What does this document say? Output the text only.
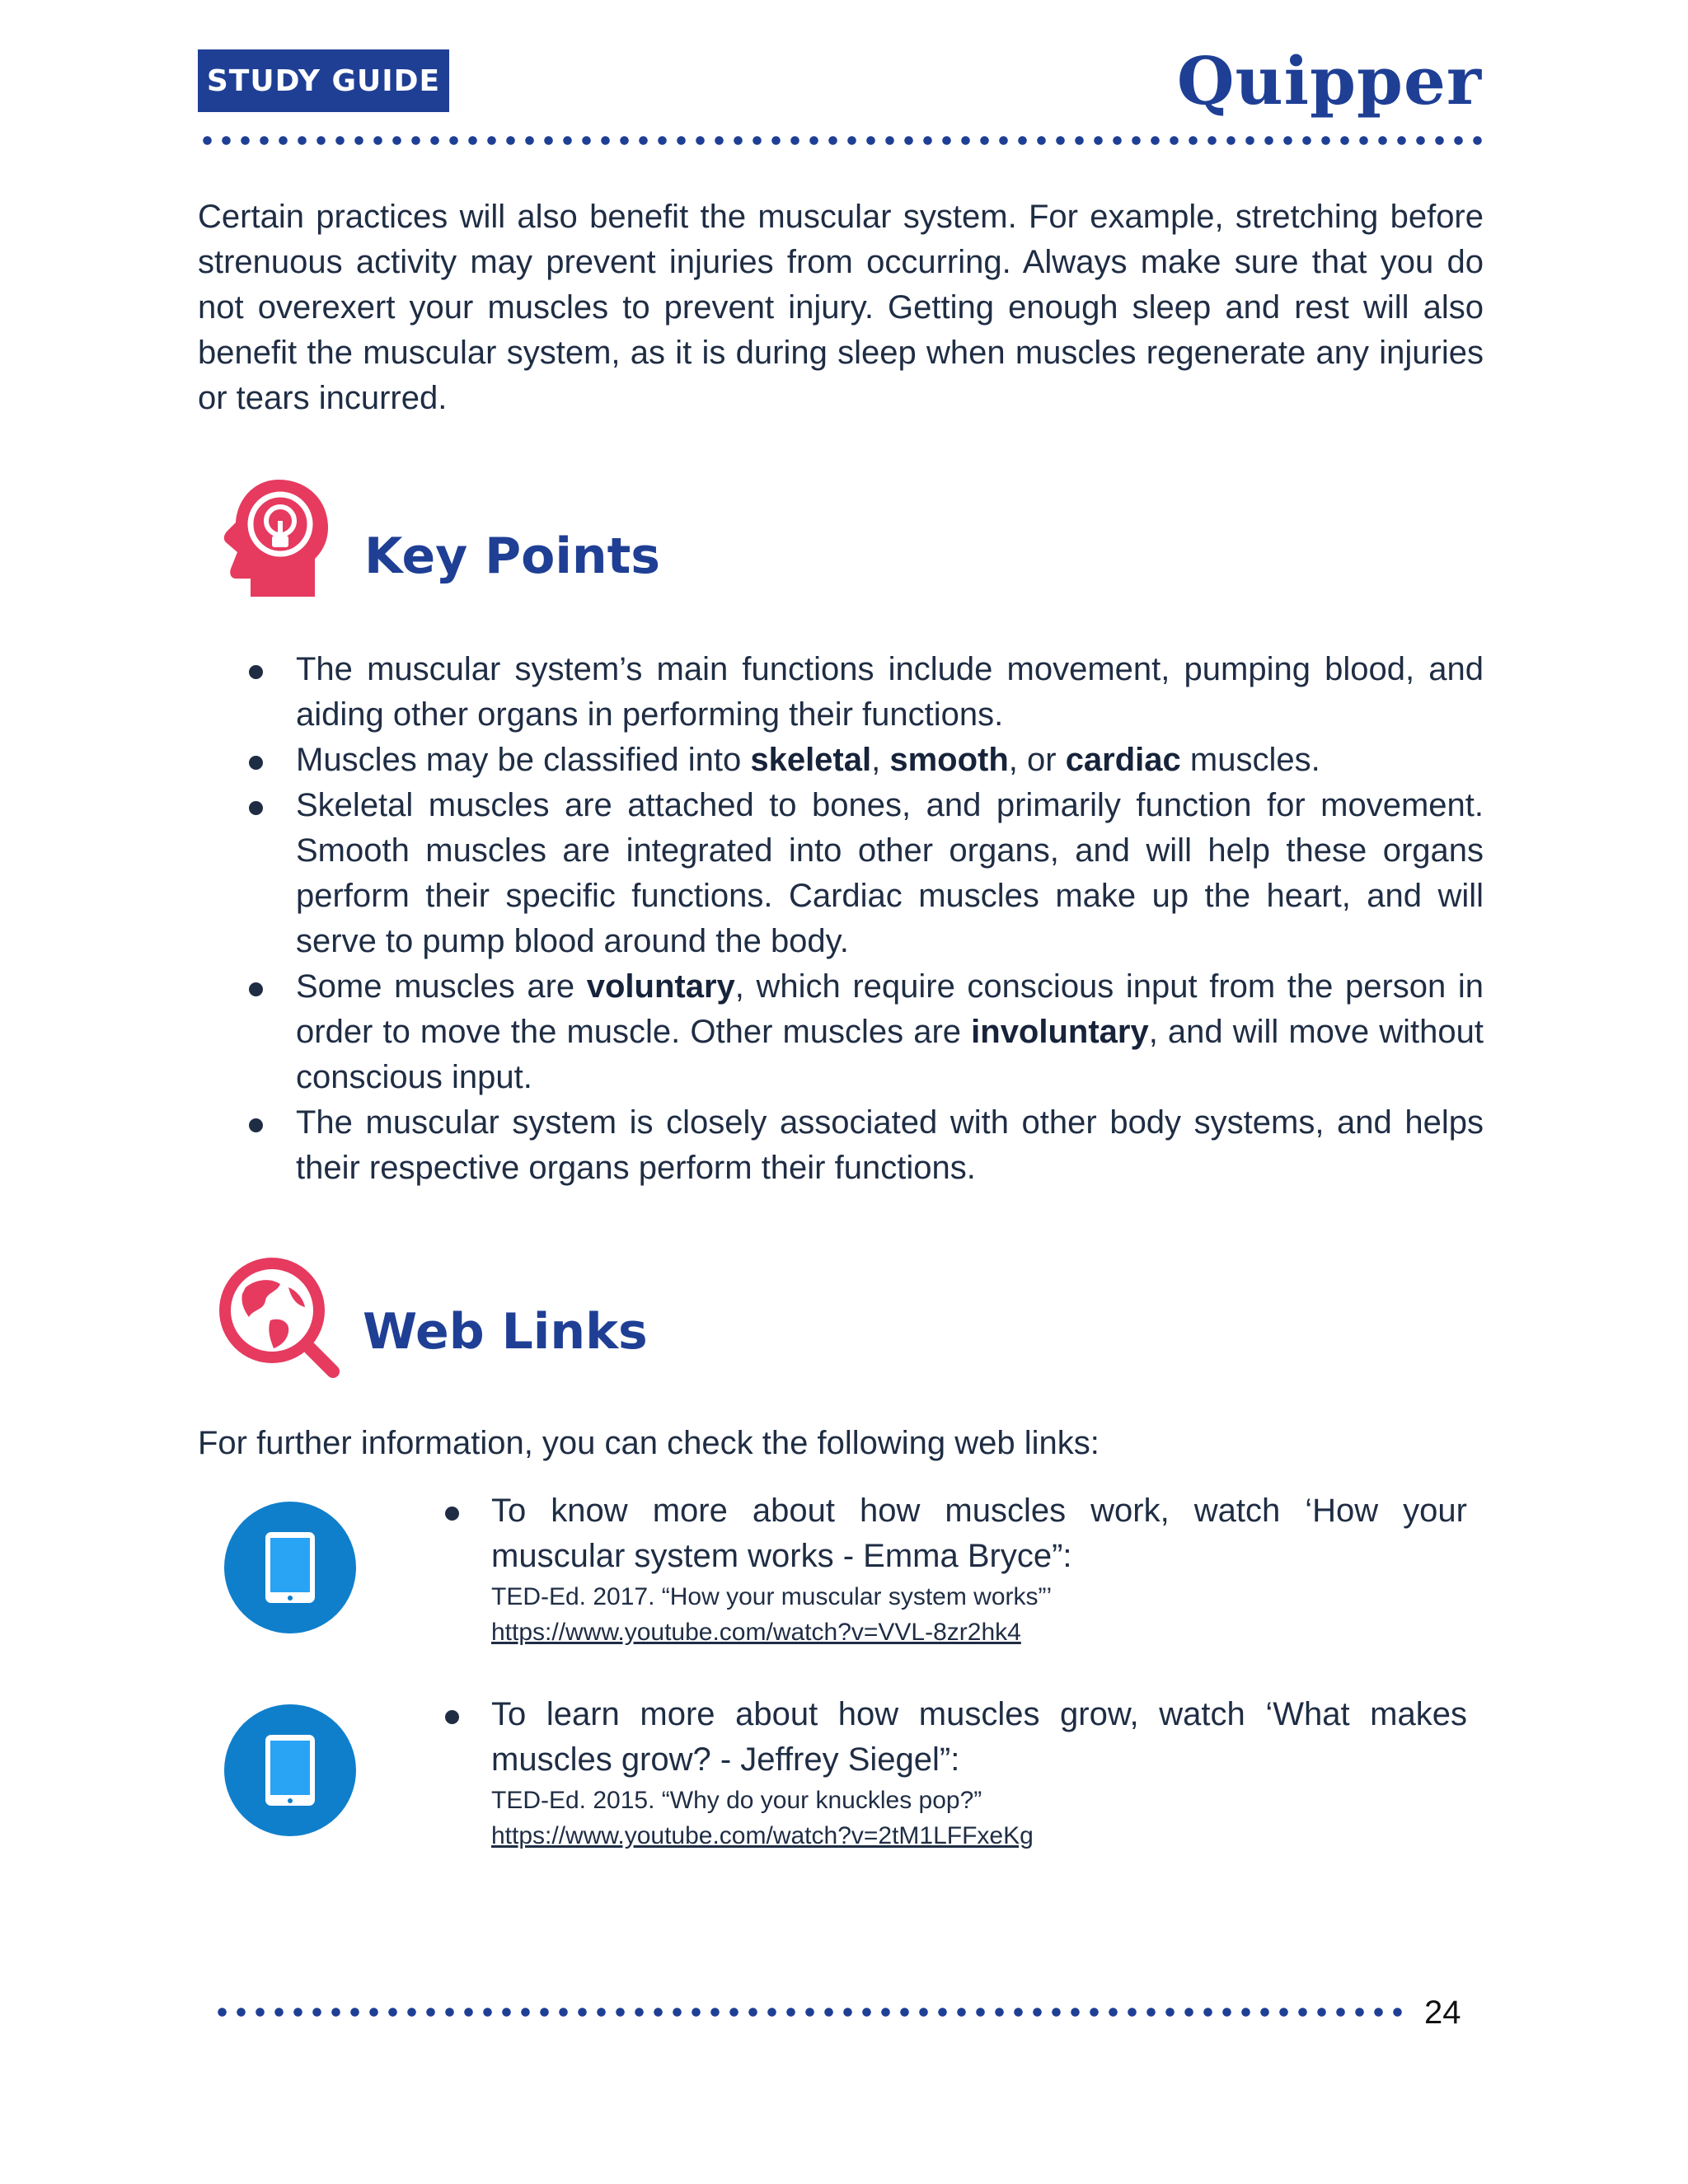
STUDY GUIDE	Quipper
Certain practices will also benefit the muscular system. For example, stretching before strenuous activity may prevent injuries from occurring. Always make sure that you do not overexert your muscles to prevent injury. Getting enough sleep and rest will also benefit the muscular system, as it is during sleep when muscles regenerate any injuries or tears incurred.
Key Points
The muscular system’s main functions include movement, pumping blood, and aiding other organs in performing their functions.
Muscles may be classified into skeletal, smooth, or cardiac muscles.
Skeletal muscles are attached to bones, and primarily function for movement. Smooth muscles are integrated into other organs, and will help these organs perform their specific functions. Cardiac muscles make up the heart, and will serve to pump blood around the body.
Some muscles are voluntary, which require conscious input from the person in order to move the muscle. Other muscles are involuntary, and will move without conscious input.
The muscular system is closely associated with other body systems, and helps their respective organs perform their functions.
Web Links
For further information, you can check the following web links:
To know more about how muscles work, watch ‘How your muscular system works - Emma Bryce”:
TED-Ed. 2017. “How your muscular system works”’
https://www.youtube.com/watch?v=VVL-8zr2hk4
To learn more about how muscles grow, watch ‘What makes muscles grow? - Jeffrey Siegel”:
TED-Ed. 2015. “Why do your knuckles pop?”
https://www.youtube.com/watch?v=2tM1LFFxeKg
24
